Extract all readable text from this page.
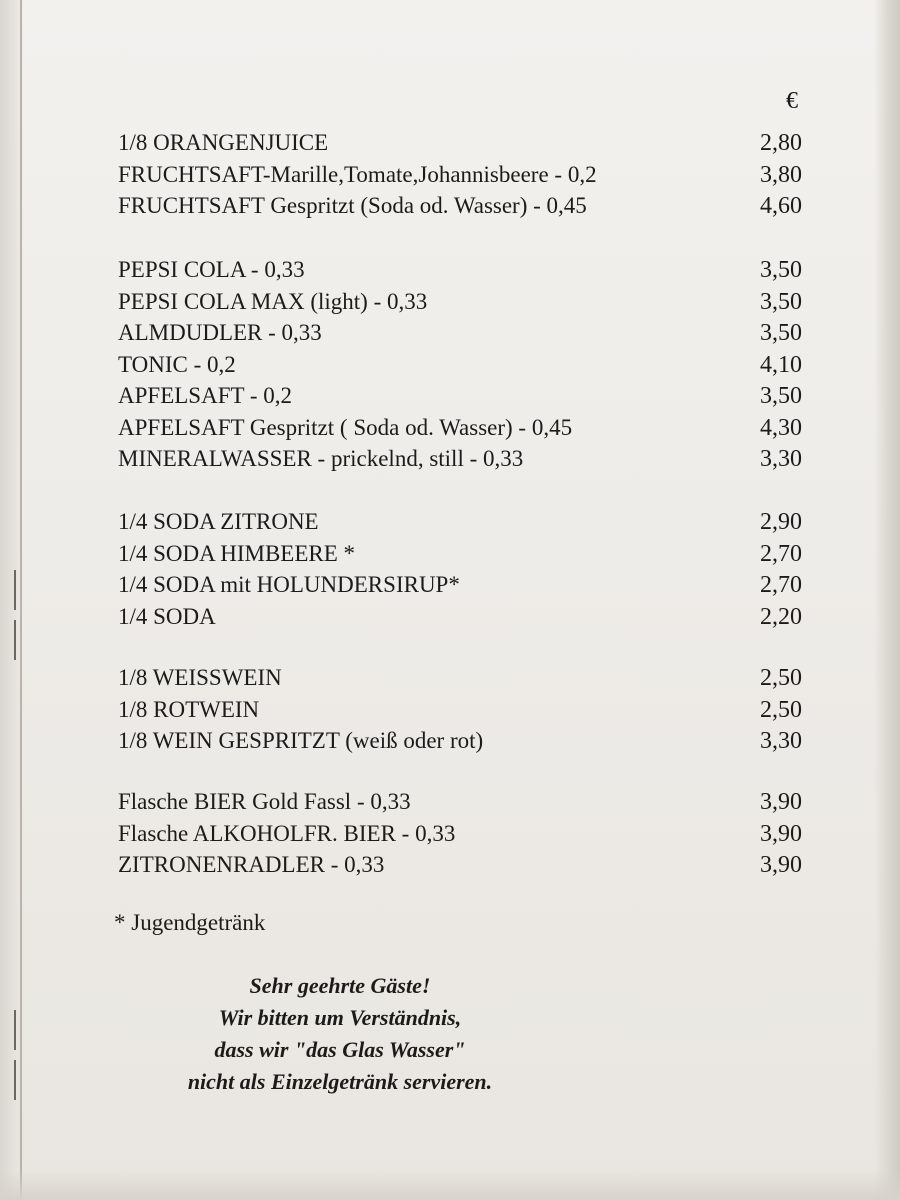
€
1/8 ORANGENJUICE	2,80
FRUCHTSAFT-Marille,Tomate,Johannisbeere - 0,2	3,80
FRUCHTSAFT Gespritzt (Soda od. Wasser) - 0,45	4,60
PEPSI COLA - 0,33	3,50
PEPSI COLA MAX (light) - 0,33	3,50
ALMDUDLER - 0,33	3,50
TONIC - 0,2	4,10
APFELSAFT - 0,2	3,50
APFELSAFT Gespritzt ( Soda od. Wasser) - 0,45	4,30
MINERALWASSER - prickelnd, still - 0,33	3,30
1/4 SODA ZITRONE	2,90
1/4 SODA HIMBEERE *	2,70
1/4 SODA mit HOLUNDERSIRUP*	2,70
1/4 SODA	2,20
1/8 WEISSWEIN	2,50
1/8 ROTWEIN	2,50
1/8 WEIN GESPRITZT (weiß oder rot)	3,30
Flasche BIER Gold Fassl - 0,33	3,90
Flasche ALKOHOLFR. BIER - 0,33	3,90
ZITRONENRADLER - 0,33	3,90
* Jugendgetränk
Sehr geehrte Gäste!
Wir bitten um Verständnis,
dass wir "das Glas Wasser"
nicht als Einzelgetränk servieren.
